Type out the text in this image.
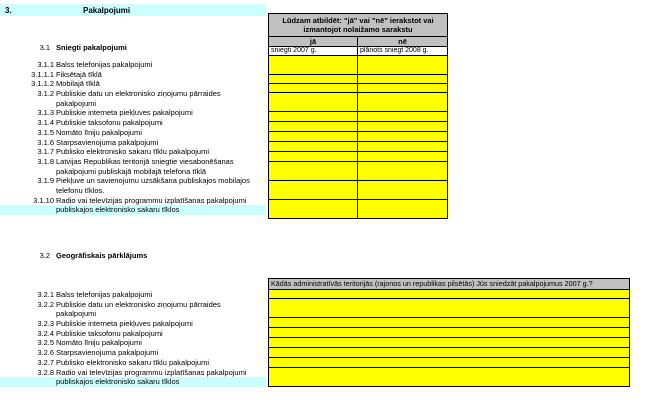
3.	Pakalpojumi
3.1 Sniegti pakalpojumi
3.1.1 Balss telefonijas pakalpojumi
3.1.1.1 Fiksētajā tīklā
3.1.1.2 Mobilajā tīklā
3.1.2 Publiskie datu un elektronisko ziņojumu pārraides
pakalpojumi
3.1.3 Publiskie interneta piekļuves pakalpojumi
3.1.4 Publiskie taksofonu pakalpojumi
3.1.5 Nomāto līniju pakalpojumi
3.1.6 Starpsavienojuma pakalpojumi
3.1.7 Publisko elektronisko sakaru tīklu pakalpojumi
3.1.8 Latvijas Republikas teritorijā sniegtie viesabonēšanas
pakalpojumi publiskajā mobilajā telefona tīklā
3.1.9 Piekļuve un savienojumu uzsākšana publiskajos mobilajos
telefonu tīklos.
3.1.10 Radio vai televīzijas programmu izplatīšanas pakalpojumi
publiskajos elektronisko sakaru tīklos
Lūdzam atbildēt: "jā" vai "nē" ierakstot vai izmantojot nolaižamo sarakstu	
jā	nē
sniegti 2007 g.	plānots sniegt 2008 g.

3.2 Ģeogrāfiskais pārklājums
3.2.1 Balss telefonijas pakalpojumi
3.2.2 Publiskie datu un elektronisko ziņojumu pārraides
pakalpojumi
3.2.3 Publiskie interneta piekļuves pakalpojumi
3.2.4 Publiskie taksofonu pakalpojumi
3.2.5 Nomāto līniju pakalpojumi
3.2.6 Starpsavienojuma pakalpojumi
3.2.7 Publisko elektronisko sakaru tīklu pakalpojumi
3.2.8 Radio vai televīzijas programmu izplatīšanas pakalpojumi
publiskajos elektronisko sakaru tīklos
Kādās administratīvās teritorijās (rajonos un republikas pilsētās) Jūs sniedzāt pakalpojumus 2007 g.?
